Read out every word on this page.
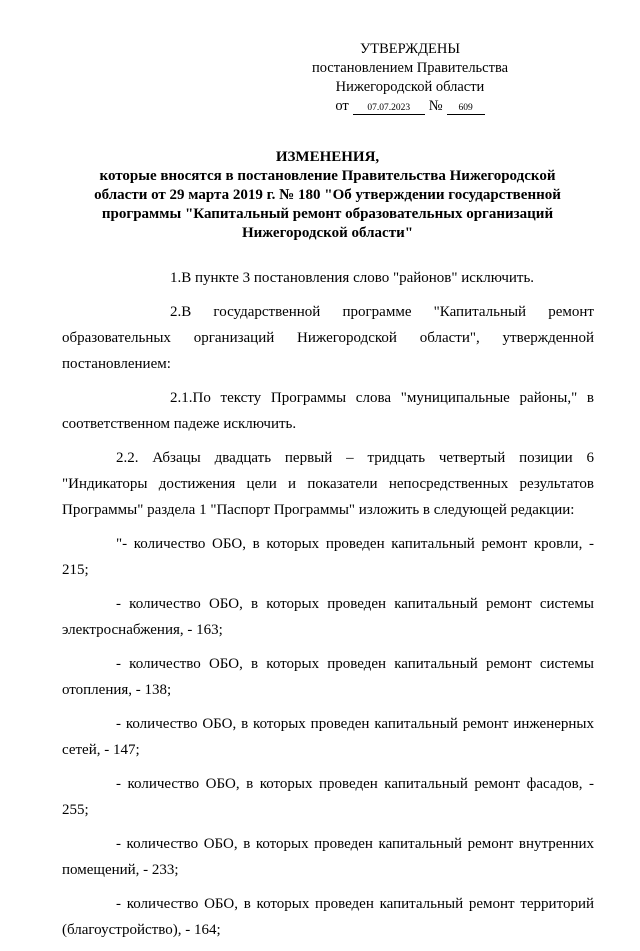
УТВЕРЖДЕНЫ
постановлением Правительства
Нижегородской области
от	07.07.2023	№	609
ИЗМЕНЕНИЯ,
которые вносятся в постановление Правительства Нижегородской области от 29 марта 2019 г. № 180 "Об утверждении государственной программы "Капитальный ремонт образовательных организаций Нижегородской области"

1.В пункте 3 постановления слово "районов" исключить.

2.В государственной программе "Капитальный ремонт образовательных организаций Нижегородской области", утвержденной постановлением:

2.1.По тексту Программы слова "муниципальные районы," в соответственном падеже исключить.

2.2. Абзацы двадцать первый – тридцать четвертый позиции 6 "Индикаторы достижения цели и показатели непосредственных результатов Программы" раздела 1 "Паспорт Программы" изложить в следующей редакции:

"- количество ОБО, в которых проведен капитальный ремонт кровли, - 215;

- количество ОБО, в которых проведен капитальный ремонт системы электроснабжения, - 163;

- количество ОБО, в которых проведен капитальный ремонт системы отопления, - 138;

- количество ОБО, в которых проведен капитальный ремонт инженерных сетей, - 147;

- количество ОБО, в которых проведен капитальный ремонт фасадов, - 255;

- количество ОБО, в которых проведен капитальный ремонт внутренних помещений, - 233;

- количество ОБО, в которых проведен капитальный ремонт территорий (благоустройство), - 164;
